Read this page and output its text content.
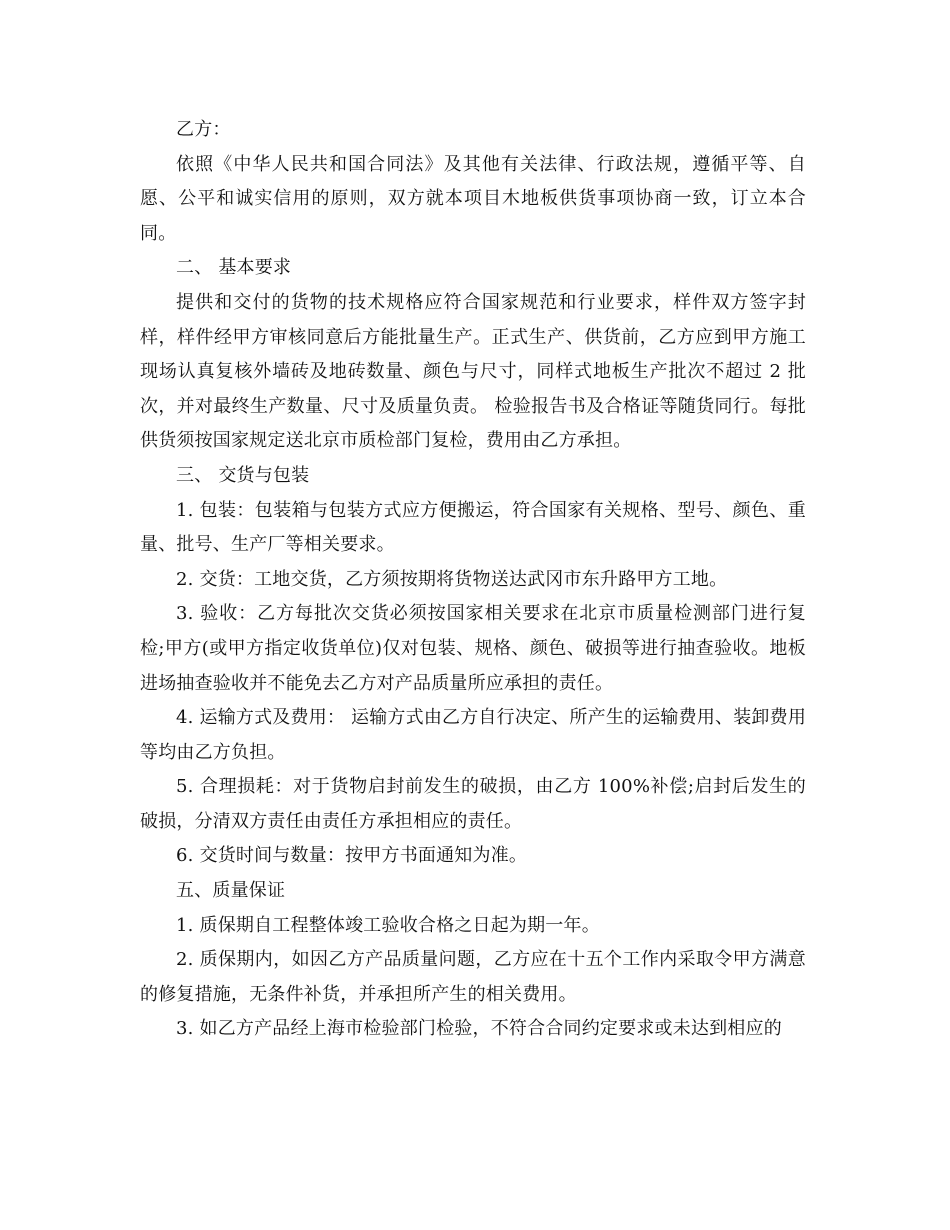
乙方：

依照《中华人民共和国合同法》及其他有关法律、行政法规，遵循平等、自愿、公平和诚实信用的原则，双方就本项目木地板供货事项协商一致，订立本合同。

二、 基本要求

提供和交付的货物的技术规格应符合国家规范和行业要求，样件双方签字封样，样件经甲方审核同意后方能批量生产。正式生产、供货前，乙方应到甲方施工现场认真复核外墙砖及地砖数量、颜色与尺寸，同样式地板生产批次不超过 2 批次，并对最终生产数量、尺寸及质量负责。 检验报告书及合格证等随货同行。每批供货须按国家规定送北京市质检部门复检，费用由乙方承担。

三、 交货与包装

1. 包装：包装箱与包装方式应方便搬运，符合国家有关规格、型号、颜色、重量、批号、生产厂等相关要求。

2. 交货：工地交货，乙方须按期将货物送达武冈市东升路甲方工地。

3. 验收：乙方每批次交货必须按国家相关要求在北京市质量检测部门进行复检;甲方(或甲方指定收货单位)仅对包装、规格、颜色、破损等进行抽查验收。地板进场抽查验收并不能免去乙方对产品质量所应承担的责任。

4. 运输方式及费用： 运输方式由乙方自行决定、所产生的运输费用、装卸费用等均由乙方负担。

5. 合理损耗：对于货物启封前发生的破损，由乙方 100%补偿;启封后发生的破损，分清双方责任由责任方承担相应的责任。

6. 交货时间与数量：按甲方书面通知为准。

五、质量保证

1. 质保期自工程整体竣工验收合格之日起为期一年。

2. 质保期内，如因乙方产品质量问题，乙方应在十五个工作内采取令甲方满意的修复措施，无条件补货，并承担所产生的相关费用。

3. 如乙方产品经上海市检验部门检验，不符合合同约定要求或未达到相应的
